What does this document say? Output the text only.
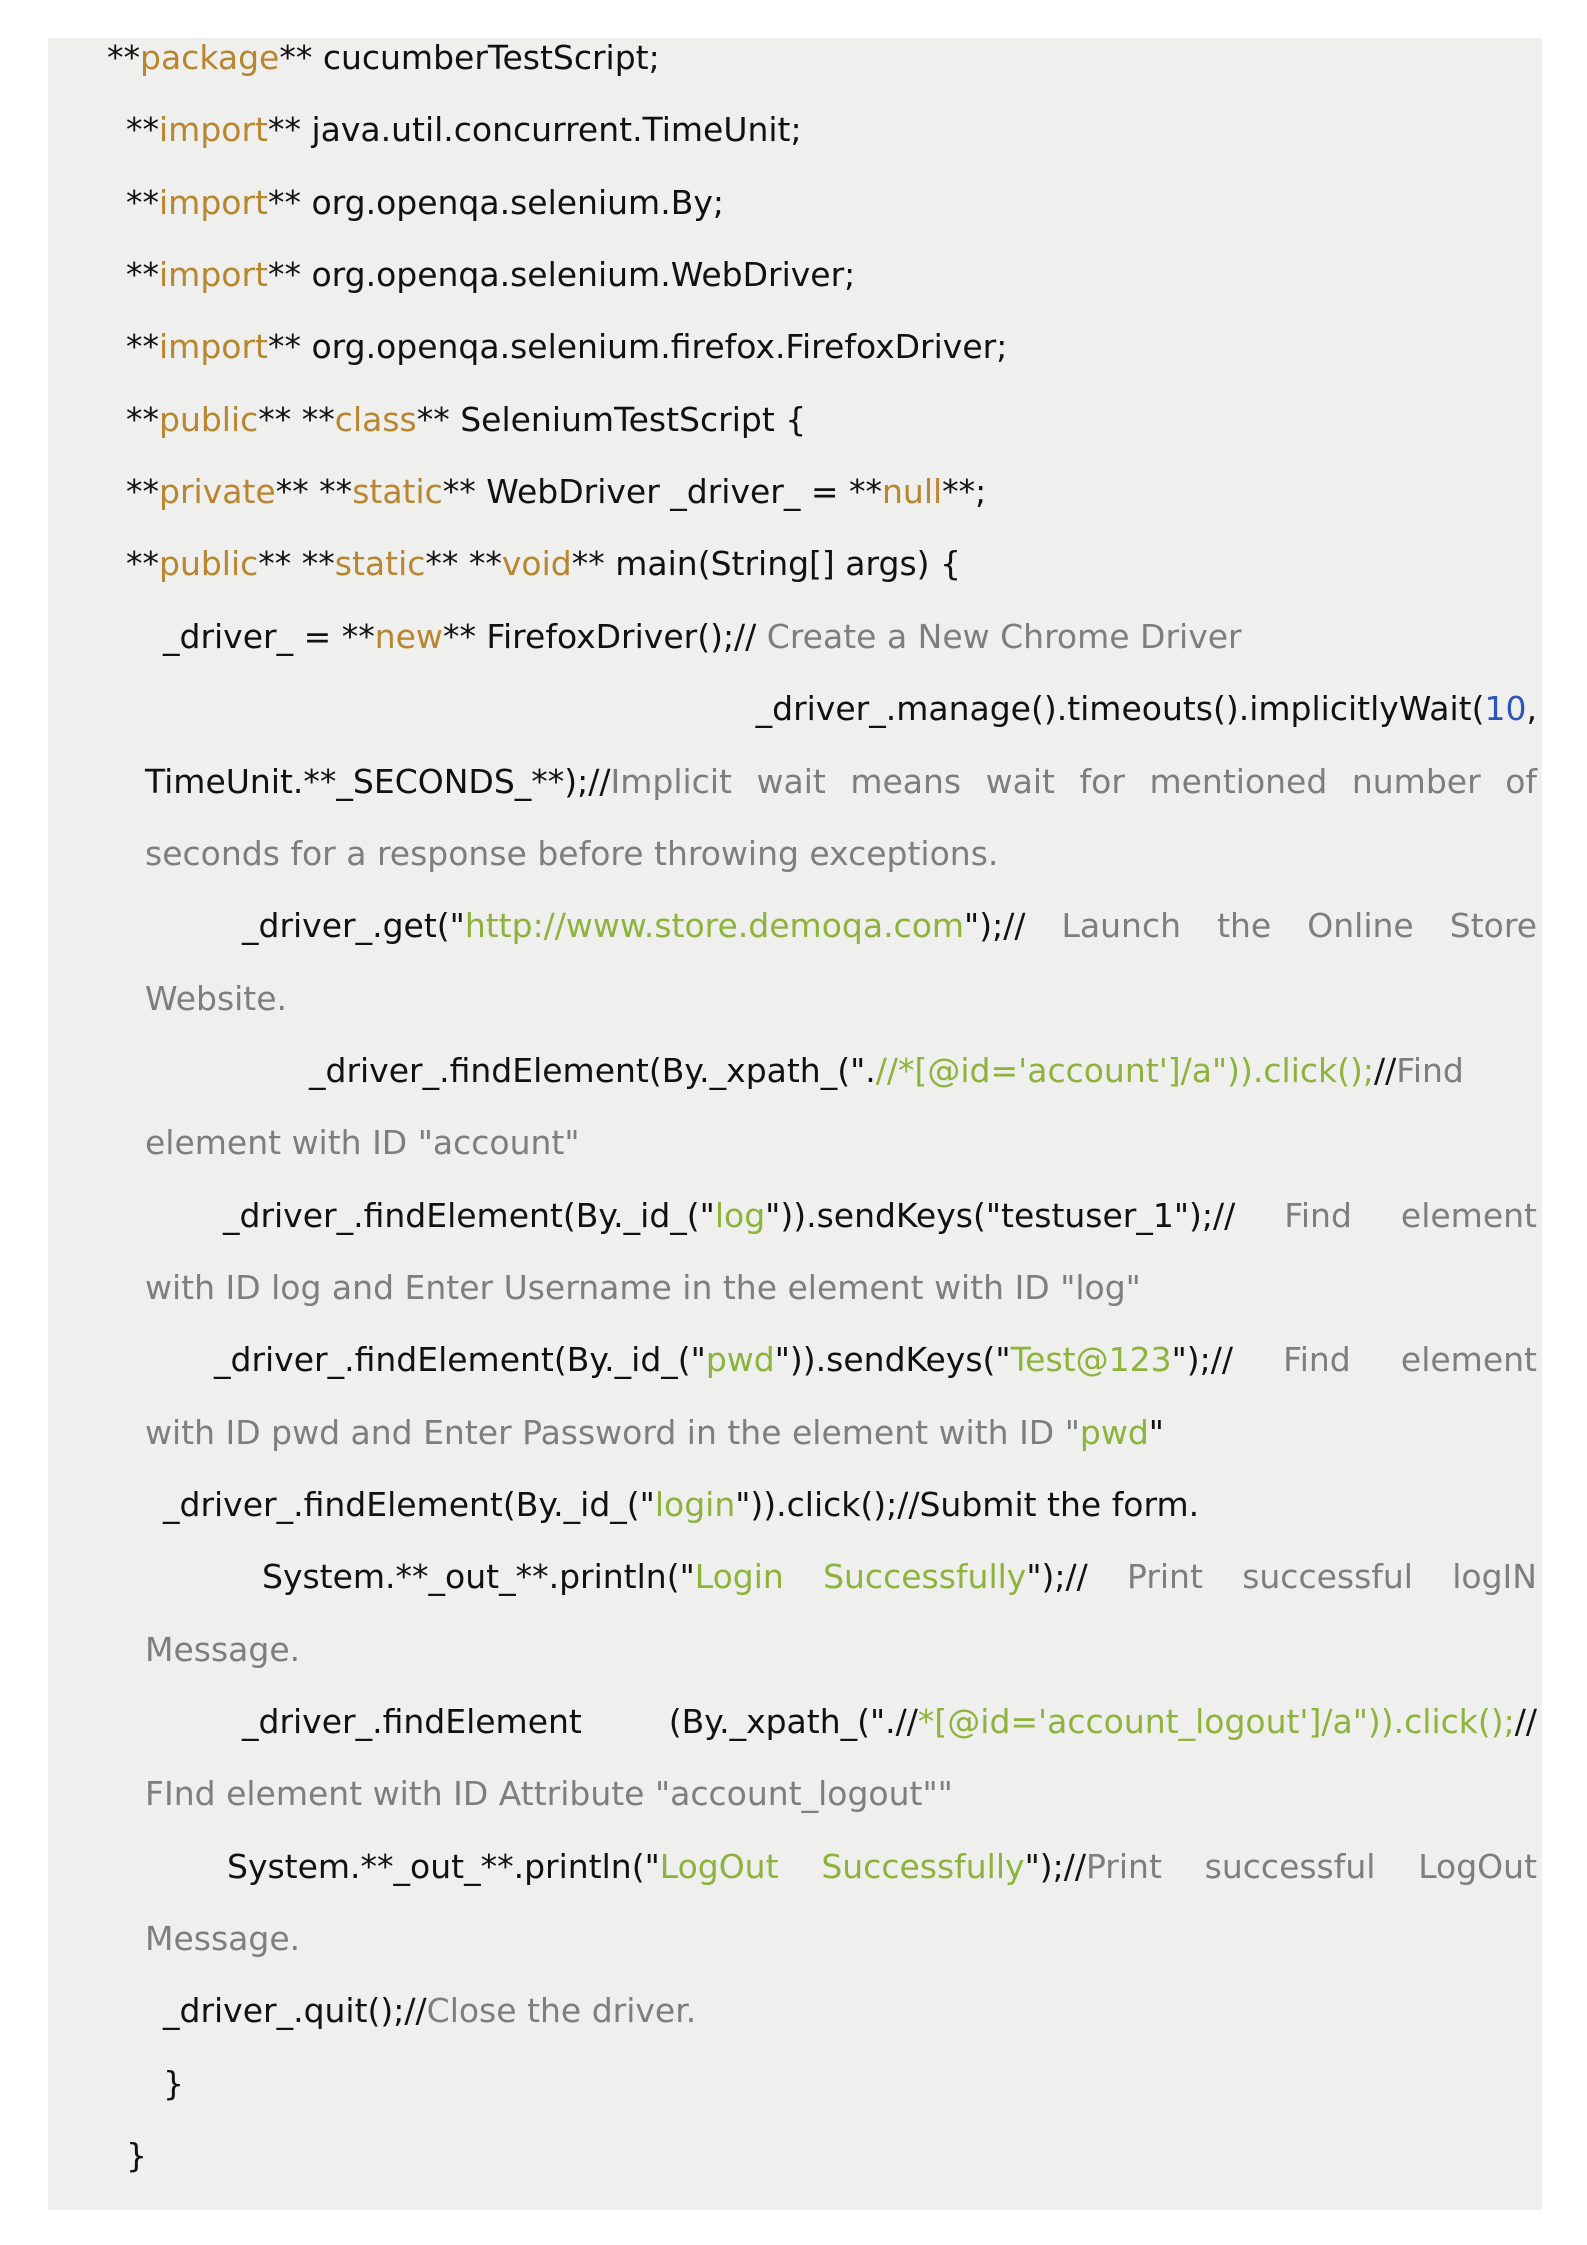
**package** cucumberTestScript;
**import** java.util.concurrent.TimeUnit;
**import** org.openqa.selenium.By;
**import** org.openqa.selenium.WebDriver;
**import** org.openqa.selenium.firefox.FirefoxDriver;
**public** **class** SeleniumTestScript {
**private** **static** WebDriver _driver_ = **null**;
**public** **static** **void** main(String[] args) {
_driver_ = **new** FirefoxDriver();// Create a New Chrome Driver
_driver_.manage().timeouts().implicitlyWait(10,
TimeUnit.**_SECONDS_**);//Implicit wait means wait for mentioned number of
seconds for a response before throwing exceptions.
_driver_.get("http://www.store.demoqa.com");// Launch the Online Store
Website.
_driver_.findElement(By._xpath_(".//*[@id='account']/a")).click();//Find
element with ID "account"
_driver_.findElement(By._id_("log")).sendKeys("testuser_1");// Find element
with ID log and Enter Username in the element with ID "log"
_driver_.findElement(By._id_("pwd")).sendKeys("Test@123");// Find element
with ID pwd and Enter Password in the element with ID "pwd"
_driver_.findElement(By._id_("login")).click();//Submit the form.
System.**_out_**.println("Login Successfully");// Print successful logIN
Message.
_driver_.findElement (By._xpath_(".//*[@id='account_logout']/a")).click();//
FInd element with ID Attribute "account_logout""
System.**_out_**.println("LogOut Successfully");//Print successful LogOut
Message.
_driver_.quit();//Close the driver.
}
}
